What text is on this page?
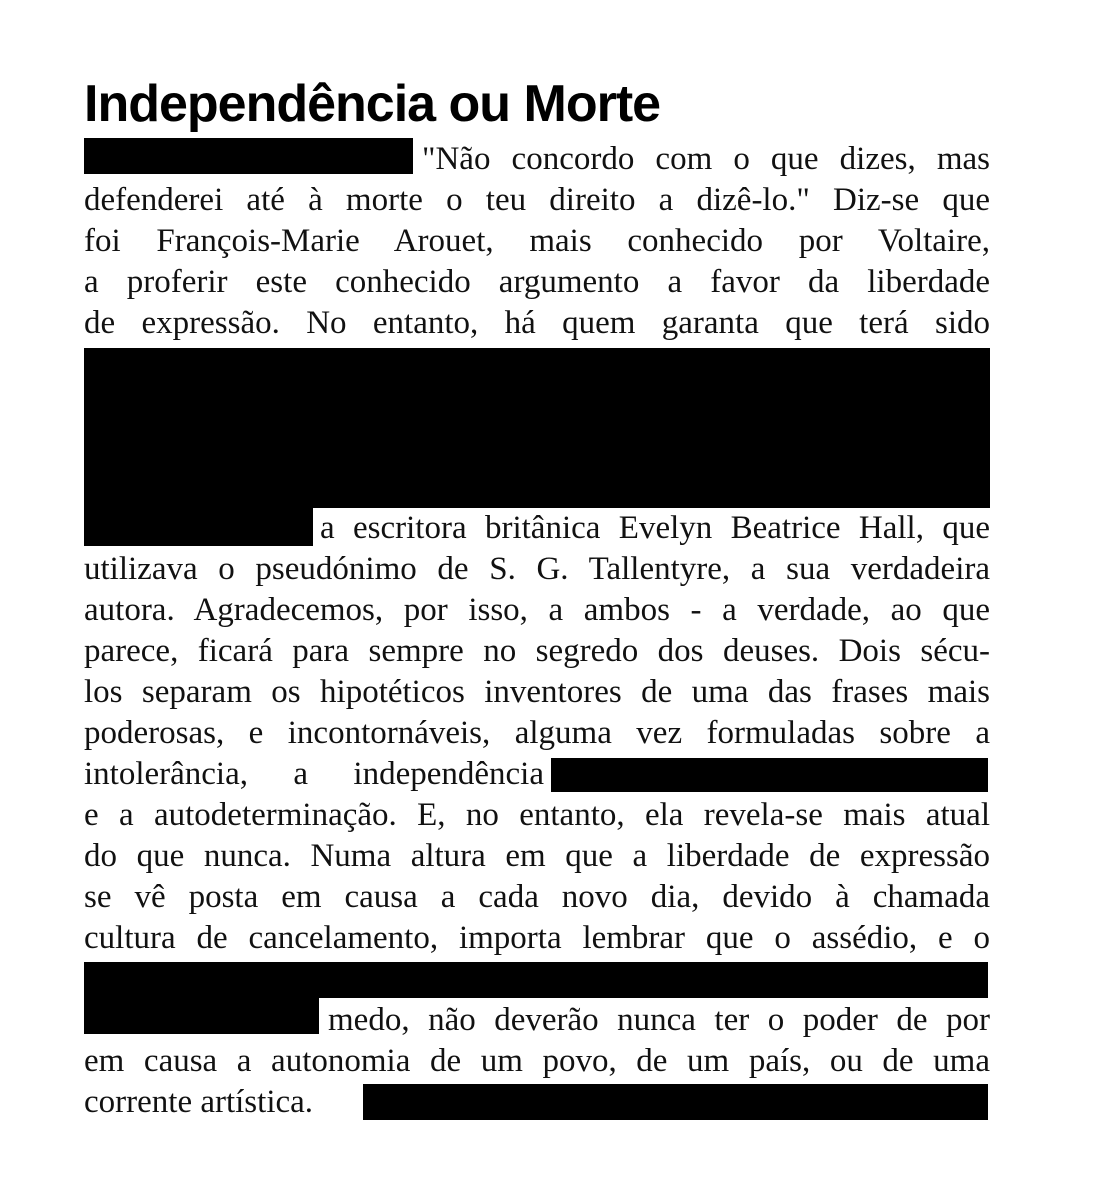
Independência ou Morte
"Não concordo com o que dizes, mas
defenderei até à morte o teu direito a dizê-lo." Diz-se que
foi François-Marie Arouet, mais conhecido por Voltaire,
a proferir este conhecido argumento a favor da liberdade
de expressão. No entanto, há quem garanta que terá sido
a escritora britânica Evelyn Beatrice Hall, que
utilizava o pseudónimo de S. G. Tallentyre, a sua verdadeira
autora. Agradecemos, por isso, a ambos - a verdade, ao que
parece, ficará para sempre no segredo dos deuses. Dois sécu-
los separam os hipotéticos inventores de uma das frases mais
poderosas, e incontornáveis, alguma vez formuladas sobre a
intolerância, a independência
e a autodeterminação. E, no entanto, ela revela-se mais atual
do que nunca. Numa altura em que a liberdade de expressão
se vê posta em causa a cada novo dia, devido à chamada
cultura de cancelamento, importa lembrar que o assédio, e o
medo, não deverão nunca ter o poder de por
em causa a autonomia de um povo, de um país, ou de uma
corrente artística.
